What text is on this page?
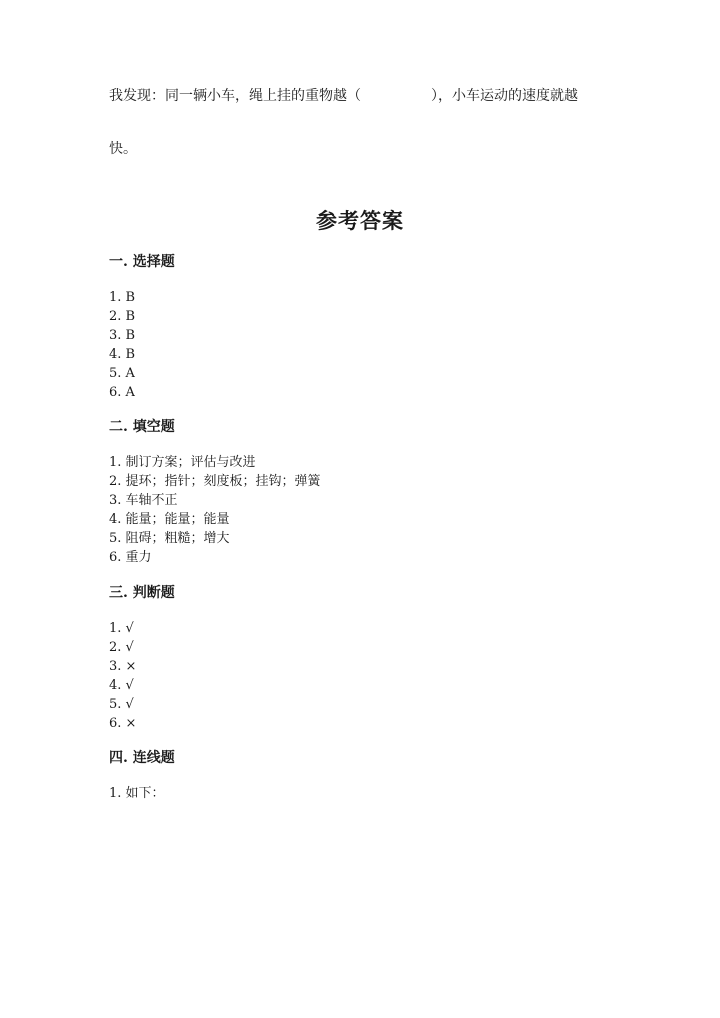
我发现：同一辆小车，绳上挂的重物越（	），小车运动的速度就越
快。
参考答案

一. 选择题

1. B
2. B
3. B
4. B
5. A
6. A

二. 填空题

1. 制订方案；评估与改进
2. 提环；指针；刻度板；挂钩；弹簧
3. 车轴不正
4. 能量；能量；能量
5. 阻碍；粗糙；增大
6. 重力

三. 判断题

1. √
2. √
3. ×
4. √
5. √
6. ×

四. 连线题

1. 如下：
